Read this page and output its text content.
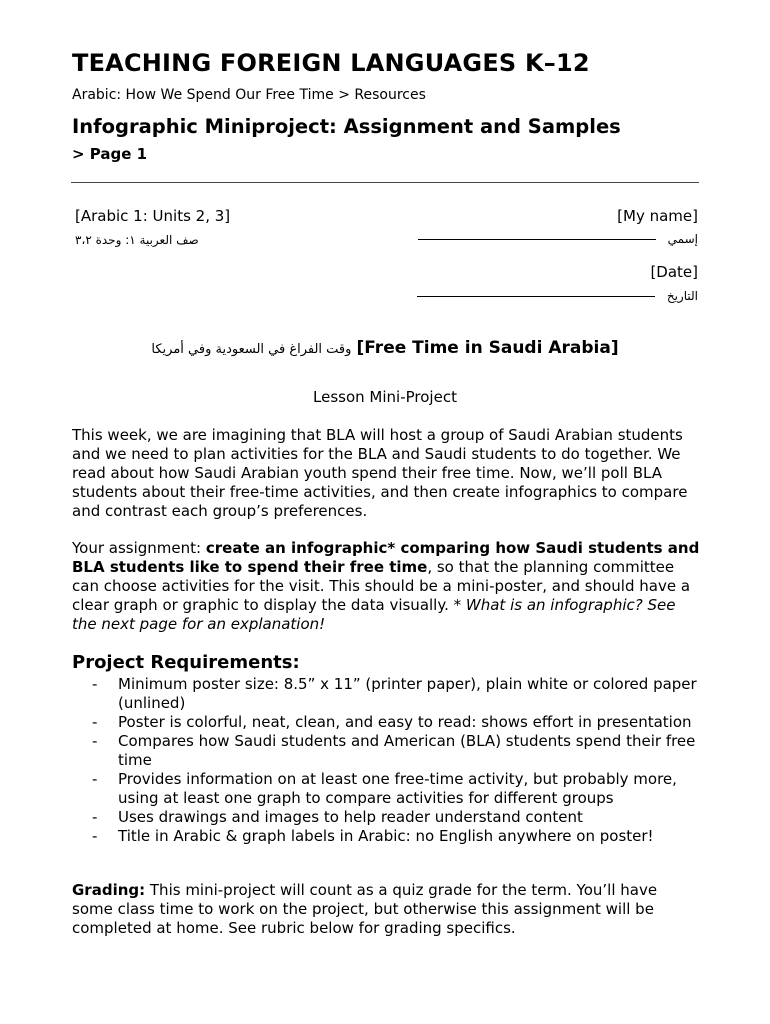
TEACHING FOREIGN LANGUAGES K–12
Arabic: How We Spend Our Free Time > Resources
Infographic Miniproject: Assignment and Samples > Page 1
[Arabic 1: Units 2, 3]	[My name]
صف العربية ١: وحدة ٣،٢	إسمي
[Date]
التاريخ
وقت الفراغ في السعودية وفي أمريكا [Free Time in Saudi Arabia]
Lesson Mini-Project
This week, we are imagining that BLA will host a group of Saudi Arabian students and we need to plan activities for the BLA and Saudi students to do together. We read about how Saudi Arabian youth spend their free time. Now, we’ll poll BLA students about their free-time activities, and then create infographics to compare and contrast each group’s preferences.
Your assignment: create an infographic* comparing how Saudi students and BLA students like to spend their free time, so that the planning committee can choose activities for the visit. This should be a mini-poster, and should have a clear graph or graphic to display the data visually. * What is an infographic? See the next page for an explanation!
Project Requirements:
- Minimum poster size: 8.5” x 11” (printer paper), plain white or colored paper (unlined)
- Poster is colorful, neat, clean, and easy to read: shows effort in presentation
- Compares how Saudi students and American (BLA) students spend their free time
- Provides information on at least one free-time activity, but probably more, using at least one graph to compare activities for different groups
- Uses drawings and images to help reader understand content
- Title in Arabic & graph labels in Arabic: no English anywhere on poster!
Grading: This mini-project will count as a quiz grade for the term. You’ll have some class time to work on the project, but otherwise this assignment will be completed at home. See rubric below for grading specifics.
